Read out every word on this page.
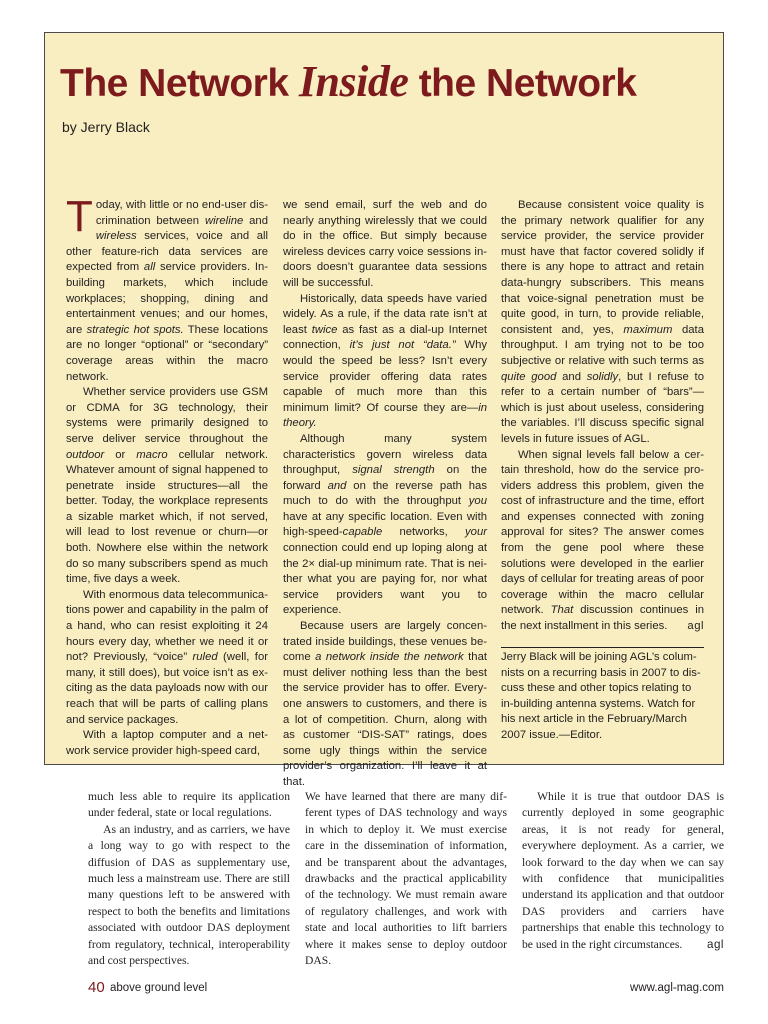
The Network Inside the Network
by Jerry Black

Today, with little or no end-user discrimination between wireline and wireless services, voice and all other feature-rich data services are expected from all service providers. In-building markets, which include workplaces; shopping, dining and entertainment venues; and our homes, are strategic hot spots. These locations are no longer “optional” or “secondary” coverage areas within the macro network.

Whether service providers use GSM or CDMA for 3G technology, their systems were primarily designed to serve deliver service throughout the outdoor or macro cellular network. Whatever amount of signal happened to penetrate inside structures—all the better. Today, the workplace represents a sizable market which, if not served, will lead to lost revenue or churn—or both. Nowhere else within the network do so many subscribers spend as much time, five days a week.

With enormous data telecommunications power and capability in the palm of a hand, who can resist exploiting it 24 hours every day, whether we need it or not? Previously, “voice” ruled (well, for many, it still does), but voice isn’t as exciting as the data payloads now with our reach that will be parts of calling plans and service packages.

With a laptop computer and a network service provider high-speed card,

we send email, surf the web and do nearly anything wirelessly that we could do in the office. But simply because wireless devices carry voice sessions indoors doesn’t guarantee data sessions will be successful.

Historically, data speeds have varied widely. As a rule, if the data rate isn’t at least twice as fast as a dial-up Internet connection, it’s just not “data.” Why would the speed be less? Isn’t every service provider offering data rates capable of much more than this minimum limit? Of course they are—in theory.

Although many system characteristics govern wireless data throughput, signal strength on the forward and on the reverse path has much to do with the throughput you have at any specific location. Even with high-speed-capable networks, your connection could end up loping along at the 2× dial-up minimum rate. That is neither what you are paying for, nor what service providers want you to experience.

Because users are largely concentrated inside buildings, these venues become a network inside the network that must deliver nothing less than the best the service provider has to offer. Everyone answers to customers, and there is a lot of competition. Churn, along with as customer “DIS-SAT” ratings, does some ugly things within the service provider’s organization. I’ll leave it at that.

Because consistent voice quality is the primary network qualifier for any service provider, the service provider must have that factor covered solidly if there is any hope to attract and retain data-hungry subscribers. This means that voice-signal penetration must be quite good, in turn, to provide reliable, consistent and, yes, maximum data throughput. I am trying not to be too subjective or relative with such terms as quite good and solidly, but I refuse to refer to a certain number of “bars”—which is just about useless, considering the variables. I’ll discuss specific signal levels in future issues of AGL.

When signal levels fall below a certain threshold, how do the service providers address this problem, given the cost of infrastructure and the time, effort and expenses connected with zoning approval for sites? The answer comes from the gene pool where these solutions were developed in the earlier days of cellular for treating areas of poor coverage within the macro cellular network. That discussion continues in the next installment in this series.	agl

Jerry Black will be joining AGL’s columnists on a recurring basis in 2007 to discuss these and other topics relating to in-building antenna systems. Watch for his next article in the February/March 2007 issue.—Editor.

much less able to require its application under federal, state or local regulations.

As an industry, and as carriers, we have a long way to go with respect to the diffusion of DAS as supplementary use, much less a mainstream use. There are still many questions left to be answered with respect to both the benefits and limitations associated with outdoor DAS deployment from regulatory, technical, interoperability and cost perspectives.

We have learned that there are many different types of DAS technology and ways in which to deploy it. We must exercise care in the dissemination of information, and be transparent about the advantages, drawbacks and the practical applicability of the technology. We must remain aware of regulatory challenges, and work with state and local authorities to lift barriers where it makes sense to deploy outdoor DAS.

While it is true that outdoor DAS is currently deployed in some geographic areas, it is not ready for general, everywhere deployment. As a carrier, we look forward to the day when we can say with confidence that municipalities understand its application and that outdoor DAS providers and carriers have partnerships that enable this technology to be used in the right circumstances.	agl

40 above ground level	www.agl-mag.com
